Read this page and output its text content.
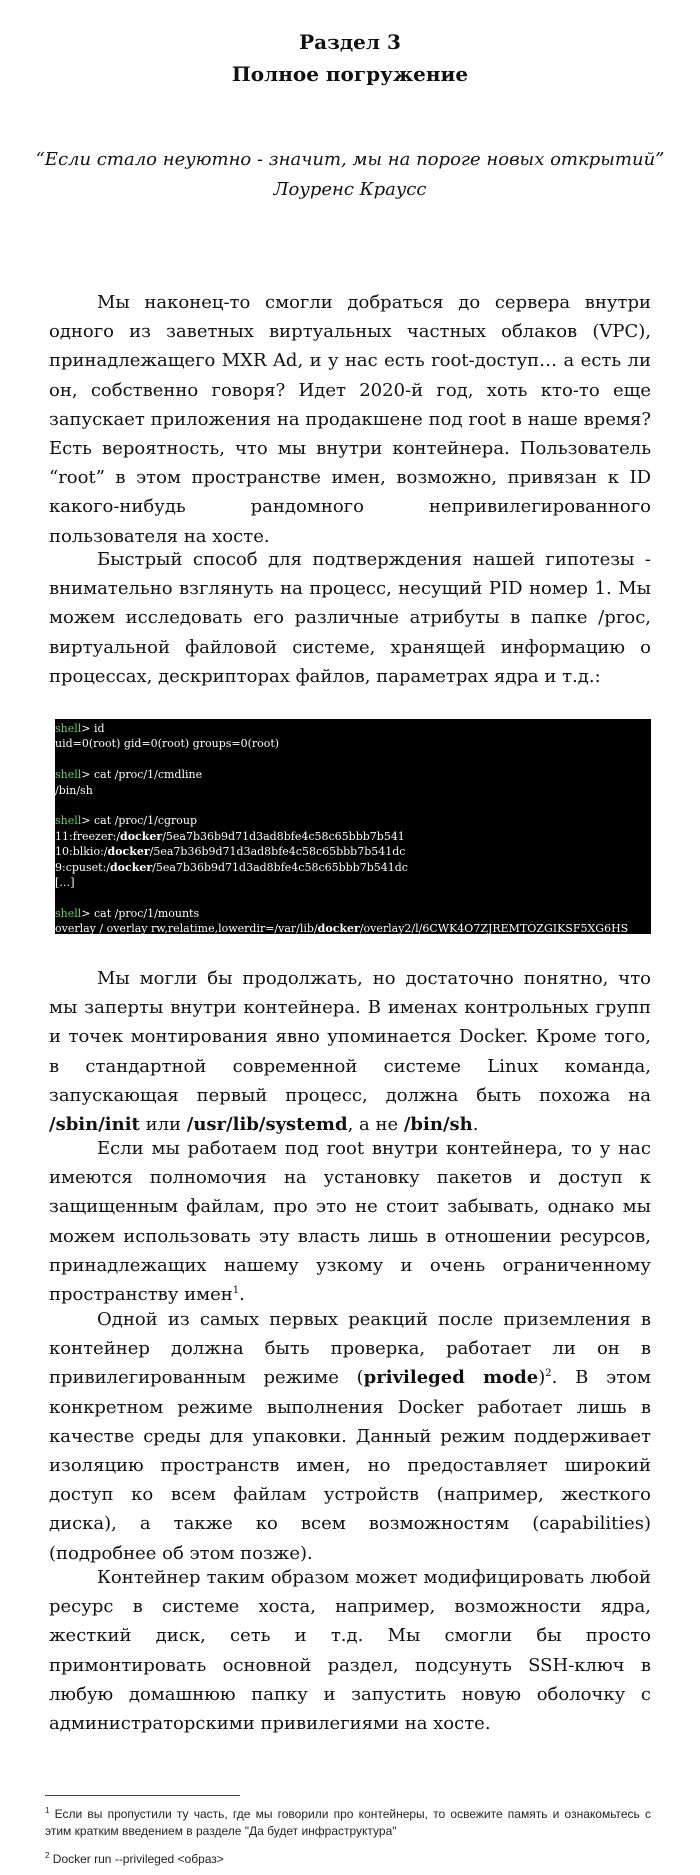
Раздел 3
Полное погружение
“Если стало неуютно - значит, мы на пороге новых открытий”
Лоуренс Краусс
Мы наконец-то смогли добраться до сервера внутри одного из заветных виртуальных частных облаков (VPC), принадлежащего MXR Ad, и у нас есть root-доступ… а есть ли он, собственно говоря? Идет 2020-й год, хоть кто-то еще запускает приложения на продакшене под root в наше время? Есть вероятность, что мы внутри контейнера. Пользователь “root” в этом пространстве имен, возможно, привязан к ID какого-нибудь рандомного непривилегированного пользователя на хосте.
Быстрый способ для подтверждения нашей гипотезы - внимательно взглянуть на процесс, несущий PID номер 1. Мы можем исследовать его различные атрибуты в папке /proc, виртуальной файловой системе, хранящей информацию о процессах, дескрипторах файлов, параметрах ядра и т.д.:
shell> id
uid=0(root) gid=0(root) groups=0(root)
shell> cat /proc/1/cmdline
/bin/sh
shell> cat /proc/1/cgroup
11:freezer:/docker/5ea7b36b9d71d3ad8bfe4c58c65bbb7b541
10:blkio:/docker/5ea7b36b9d71d3ad8bfe4c58c65bbb7b541dc
9:cpuset:/docker/5ea7b36b9d71d3ad8bfe4c58c65bbb7b541dc
[…]
shell> cat /proc/1/mounts
overlay / overlay rw,relatime,lowerdir=/var/lib/docker/overlay2/l/6CWK4O7ZJREMTOZGIKSF5XG6HS
Мы могли бы продолжать, но достаточно понятно, что мы заперты внутри контейнера. В именах контрольных групп и точек монтирования явно упоминается Docker. Кроме того, в стандартной современной системе Linux команда, запускающая первый процесс, должна быть похожа на /sbin/init или /usr/lib/systemd, а не /bin/sh.
Если мы работаем под root внутри контейнера, то у нас имеются полномочия на установку пакетов и доступ к защищенным файлам, про это не стоит забывать, однако мы можем использовать эту власть лишь в отношении ресурсов, принадлежащих нашему узкому и очень ограниченному пространству имен$^1$.
Одной из самых первых реакций после приземления в контейнер должна быть проверка, работает ли он в привилегированным режиме (privileged mode)$^2$. В этом конкретном режиме выполнения Docker работает лишь в качестве среды для упаковки. Данный режим поддерживает изоляцию пространств имен, но предоставляет широкий доступ ко всем файлам устройств (например, жесткого диска), а также ко всем возможностям (capabilities) (подробнее об этом позже).
Контейнер таким образом может модифицировать любой ресурс в системе хоста, например, возможности ядра, жесткий диск, сеть и т.д. Мы смогли бы просто примонтировать основной раздел, подсунуть SSH-ключ в любую домашнюю папку и запустить новую оболочку с администраторскими привилегиями на хосте.
$^1$ Если вы пропустили ту часть, где мы говорили про контейнеры, то освежите память и ознакомьтесь с этим кратким введением в разделе "Да будет инфраструктура"
$^2$ Docker run --privileged <образ>
